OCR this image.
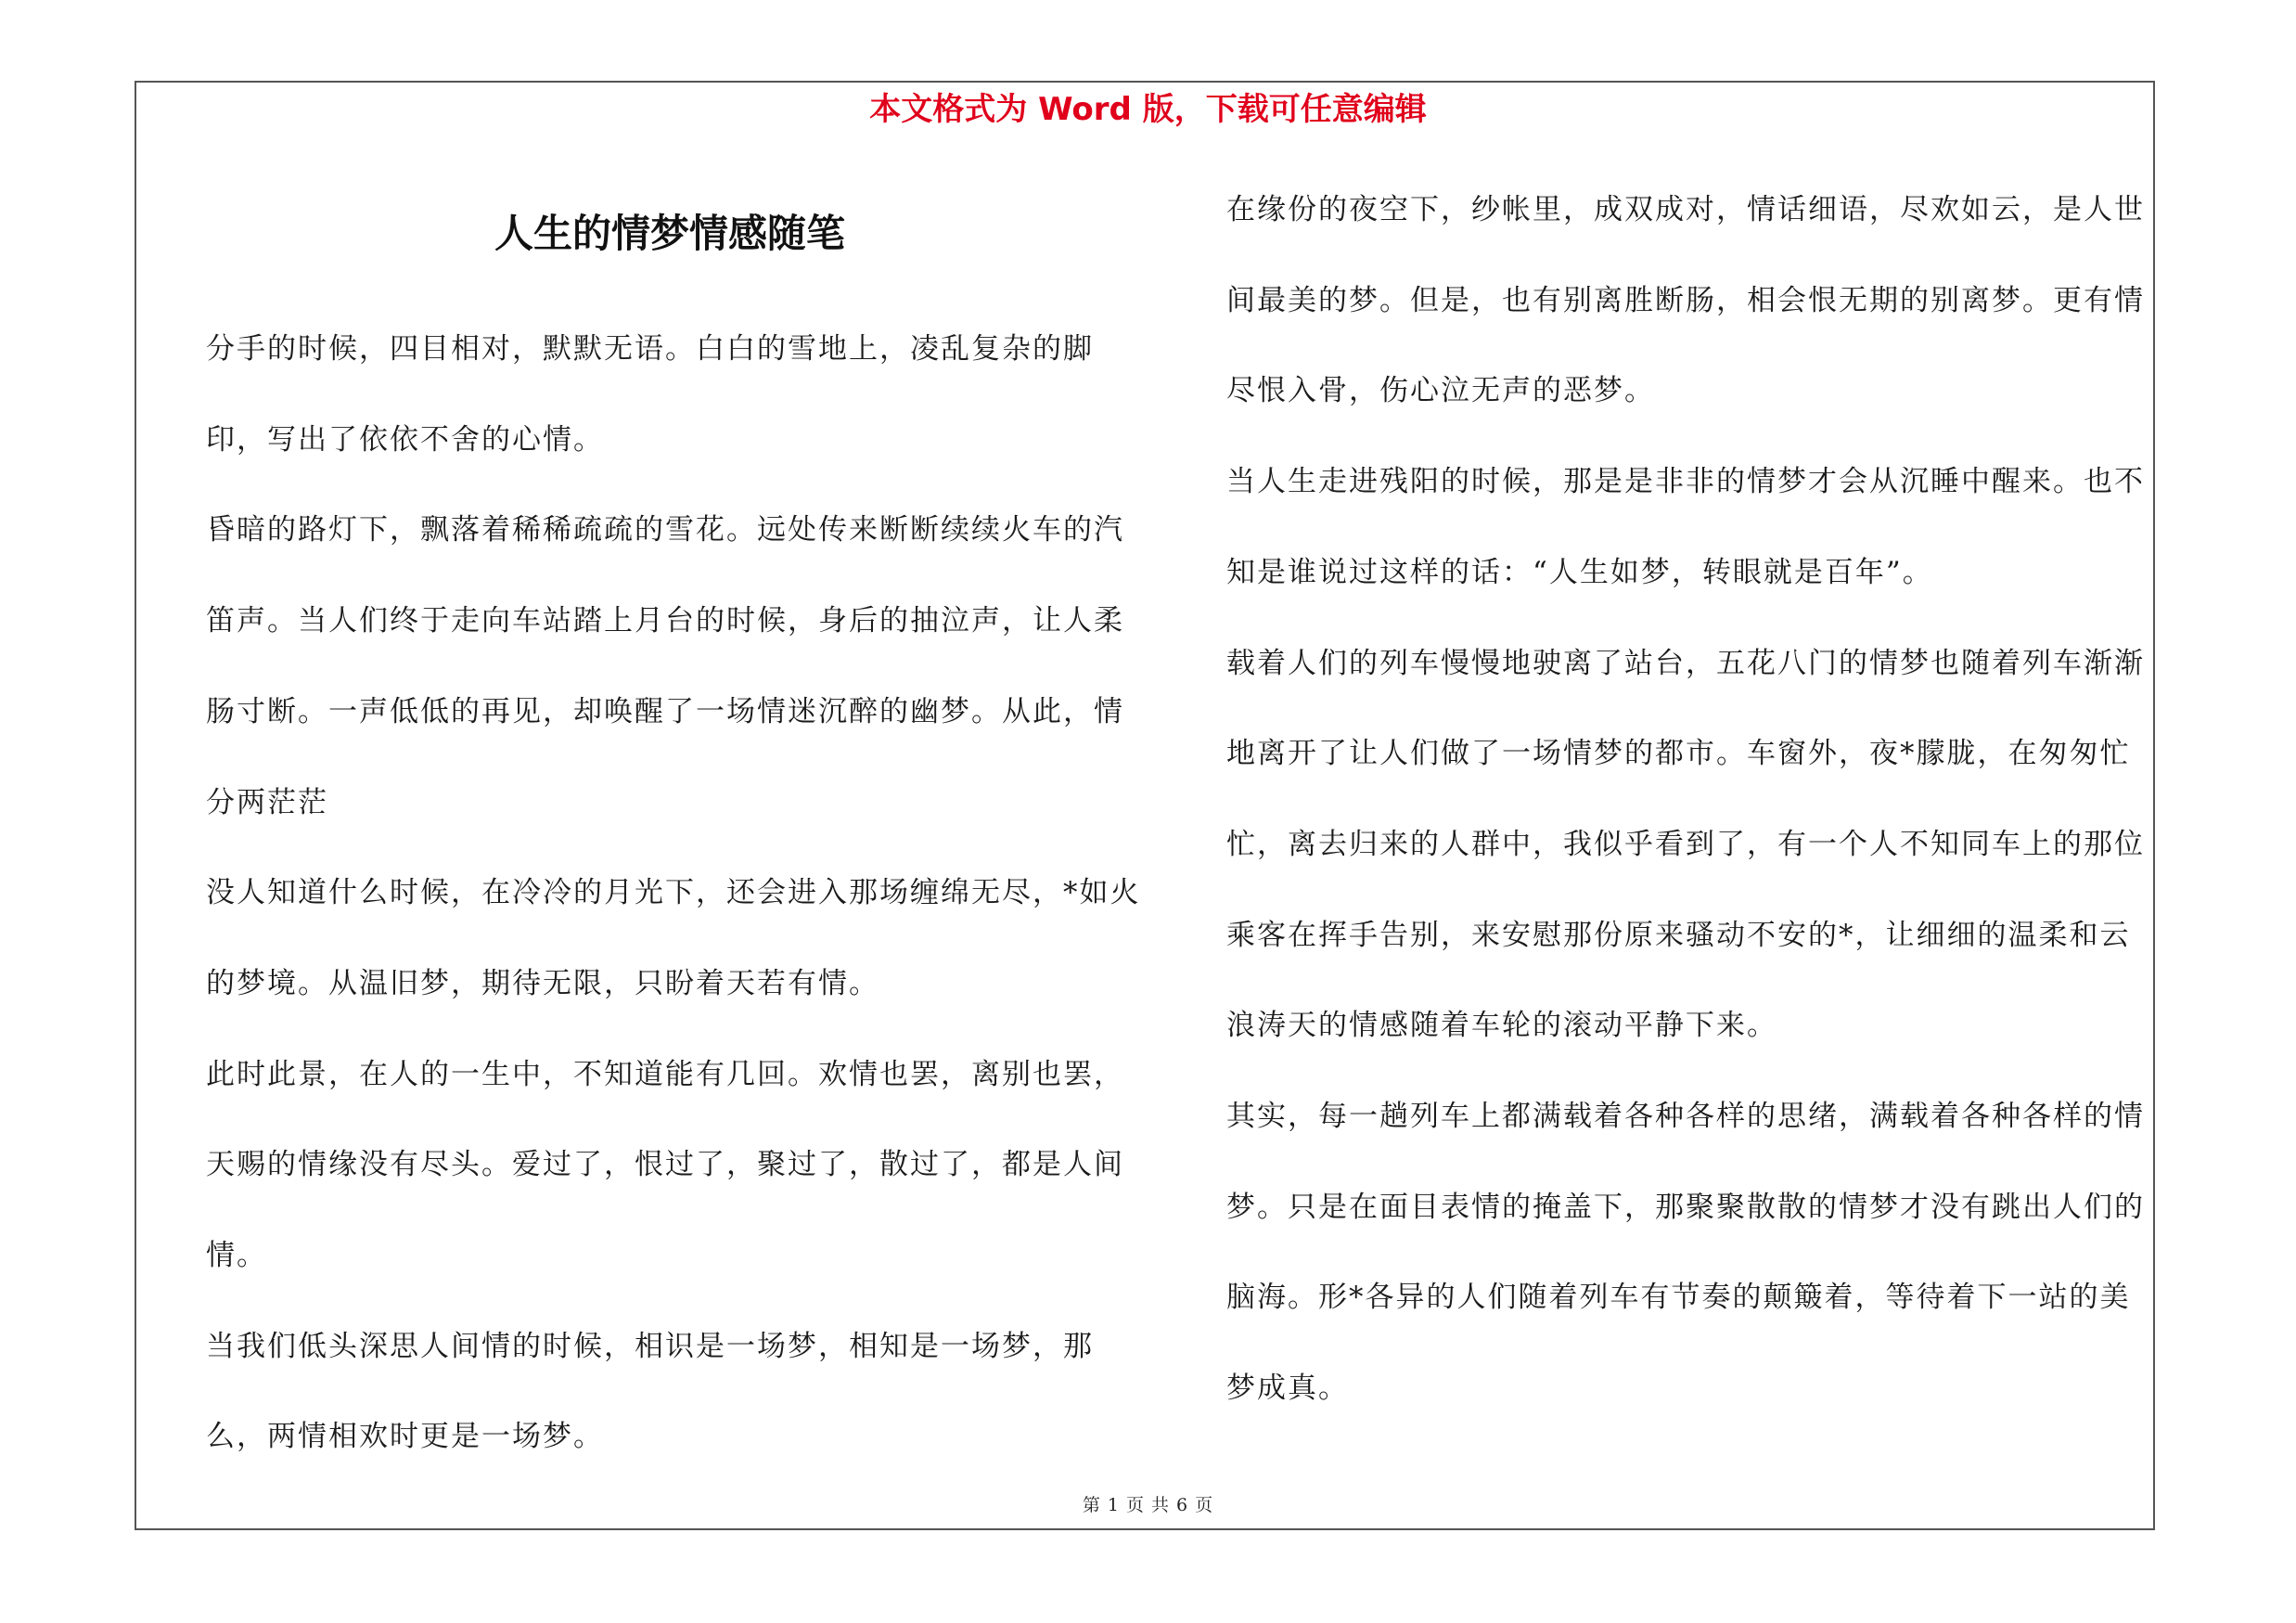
本文格式为 Word 版，下载可任意编辑
人生的情梦情感随笔

分手的时候，四目相对，默默无语。白白的雪地上，凌乱复杂的脚印，写出了依依不舍的心情。

昏暗的路灯下，飘落着稀稀疏疏的雪花。远处传来断断续续火车的汽笛声。当人们终于走向车站踏上月台的时候，身后的抽泣声，让人柔肠寸断。一声低低的再见，却唤醒了一场情迷沉醉的幽梦。从此，情分两茫茫

没人知道什么时候，在冷冷的月光下，还会进入那场缠绵无尽，*如火的梦境。从温旧梦，期待无限，只盼着天若有情。

此时此景，在人的一生中，不知道能有几回。欢情也罢，离别也罢，天赐的情缘没有尽头。爱过了，恨过了，聚过了，散过了，都是人间情。

当我们低头深思人间情的时候，相识是一场梦，相知是一场梦，那么，两情相欢时更是一场梦。

在缘份的夜空下，纱帐里，成双成对，情话细语，尽欢如云，是人世间最美的梦。但是，也有别离胜断肠，相会恨无期的别离梦。更有情尽恨入骨，伤心泣无声的恶梦。

当人生走进残阳的时候，那是是非非的情梦才会从沉睡中醒来。也不知是谁说过这样的话：“人生如梦，转眼就是百年”。

载着人们的列车慢慢地驶离了站台，五花八门的情梦也随着列车渐渐地离开了让人们做了一场情梦的都市。车窗外，夜*朦胧，在匆匆忙忙，离去归来的人群中，我似乎看到了，有一个人不知同车上的那位乘客在挥手告别，来安慰那份原来骚动不安的*，让细细的温柔和云浪涛天的情感随着车轮的滚动平静下来。

其实，每一趟列车上都满载着各种各样的思绪，满载着各种各样的情梦。只是在面目表情的掩盖下，那聚聚散散的情梦才没有跳出人们的脑海。形*各异的人们随着列车有节奏的颠簸着，等待着下一站的美梦成真。

第 1 页 共 6 页
